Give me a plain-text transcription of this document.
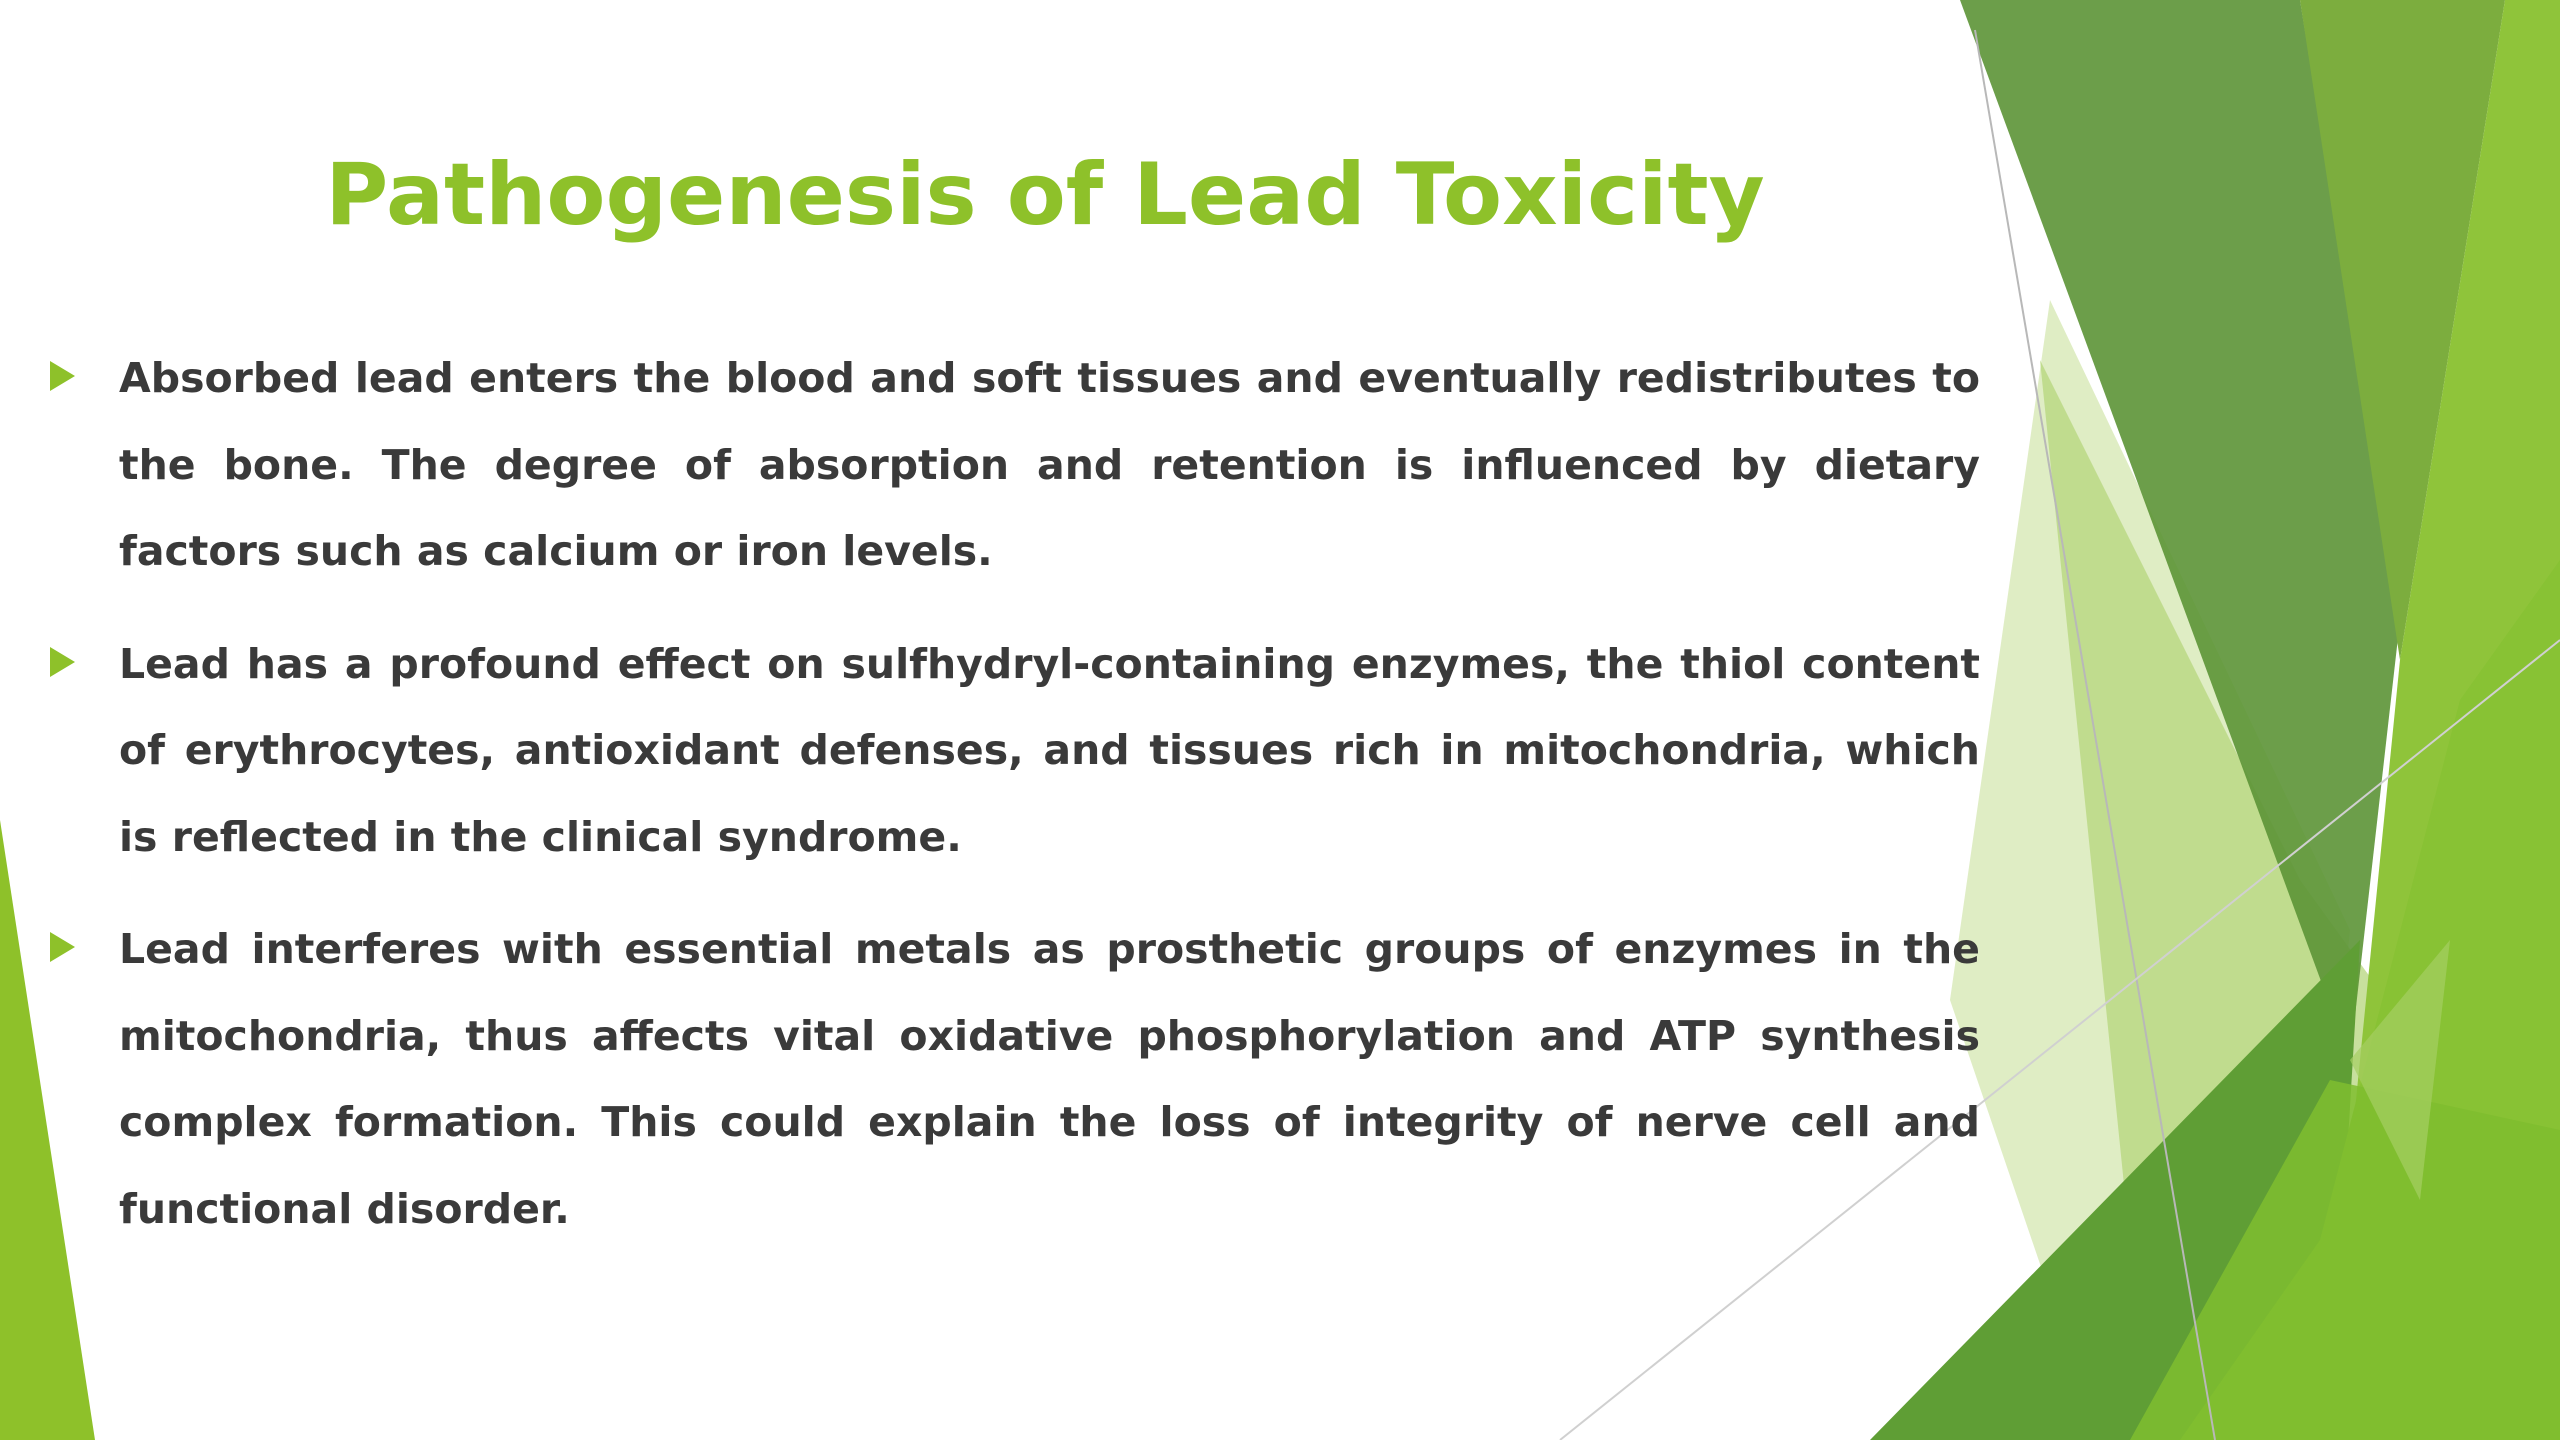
Pathogenesis of Lead Toxicity
Absorbed lead enters the blood and soft tissues and eventually redistributes to the bone. The degree of absorption and retention is influenced by dietary factors such as calcium or iron levels.
Lead has a profound effect on sulfhydryl-containing enzymes, the thiol content of erythrocytes, antioxidant defenses, and tissues rich in mitochondria, which is reflected in the clinical syndrome.
Lead interferes with essential metals as prosthetic groups of enzymes in the mitochondria, thus affects vital oxidative phosphorylation and ATP synthesis complex formation. This could explain the loss of integrity of nerve cell and functional disorder.
